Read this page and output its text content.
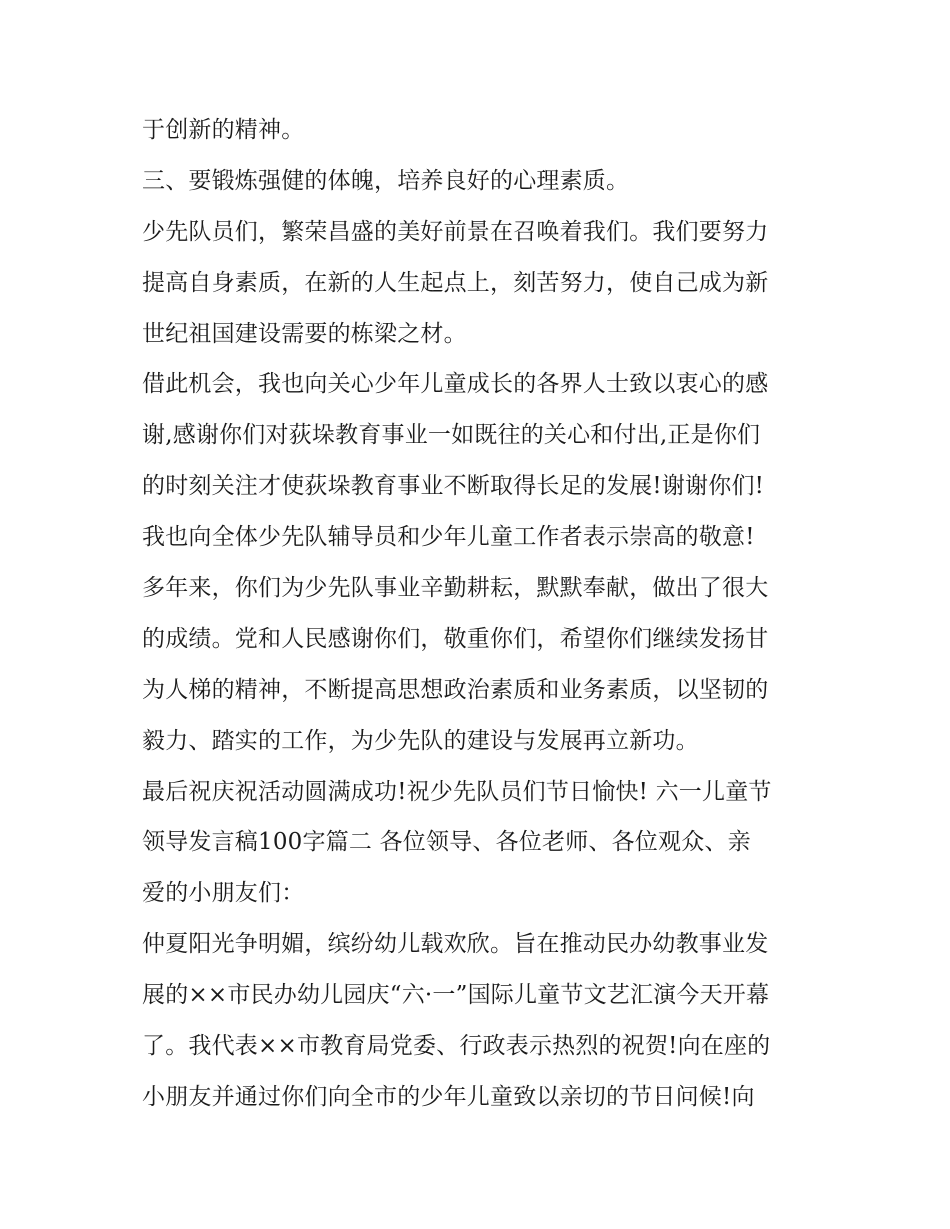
于创新的精神。
三、要锻炼强健的体魄，培养良好的心理素质。
少先队员们，繁荣昌盛的美好前景在召唤着我们。我们要努力
提高自身素质，在新的人生起点上，刻苦努力，使自己成为新
世纪祖国建设需要的栋梁之材。
借此机会，我也向关心少年儿童成长的各界人士致以衷心的感
谢,感谢你们对荻垛教育事业一如既往的关心和付出,正是你们
的时刻关注才使荻垛教育事业不断取得长足的发展!谢谢你们!
我也向全体少先队辅导员和少年儿童工作者表示崇高的敬意!
多年来，你们为少先队事业辛勤耕耘，默默奉献，做出了很大
的成绩。党和人民感谢你们，敬重你们，希望你们继续发扬甘
为人梯的精神，不断提高思想政治素质和业务素质，以坚韧的
毅力、踏实的工作，为少先队的建设与发展再立新功。
最后祝庆祝活动圆满成功!祝少先队员们节日愉快! 六一儿童节
领导发言稿100字篇二 各位领导、各位老师、各位观众、亲
爱的小朋友们：
仲夏阳光争明媚，缤纷幼儿载欢欣。旨在推动民办幼教事业发
展的××市民办幼儿园庆“六·一”国际儿童节文艺汇演今天开幕
了。我代表××市教育局党委、行政表示热烈的祝贺!向在座的
小朋友并通过你们向全市的少年儿童致以亲切的节日问候!向
